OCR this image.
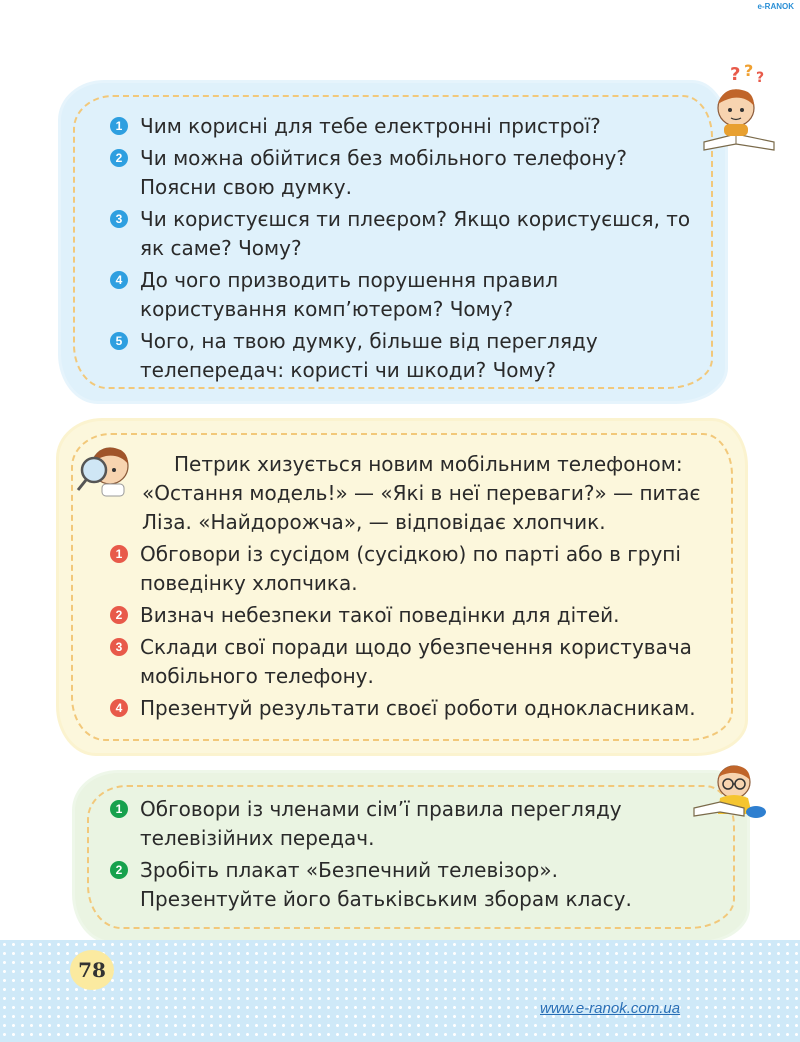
e-RANOK
? ? ?
1 Чим корисні для тебе електронні пристрої?
2 Чи можна обійтися без мобільного телефону? Поясни свою думку.
3 Чи користуєшся ти плеєром? Якщо користуєшся, то як саме? Чому?
4 До чого призводить порушення правил користування комп’ютером? Чому?
5 Чого, на твою думку, більше від перегляду телепередач: користі чи шкоди? Чому?

Петрик хизується новим мобільним телефоном: «Остання модель!» — «Які в неї переваги?» — питає Ліза. «Найдорожча», — відповідає хлопчик.

1 Обговори із сусідом (сусідкою) по парті або в групі поведінку хлопчика.
2 Визнач небезпеки такої поведінки для дітей.
3 Склади свої поради щодо убезпечення користувача мобільного телефону.
4 Презентуй результати своєї роботи однокласникам.
1 Обговори із членами сім’ї правила перегляду телевізійних передач.
2 Зробіть плакат «Безпечний телевізор». Презентуйте його батьківським зборам класу.
78
www.e-ranok.com.ua
